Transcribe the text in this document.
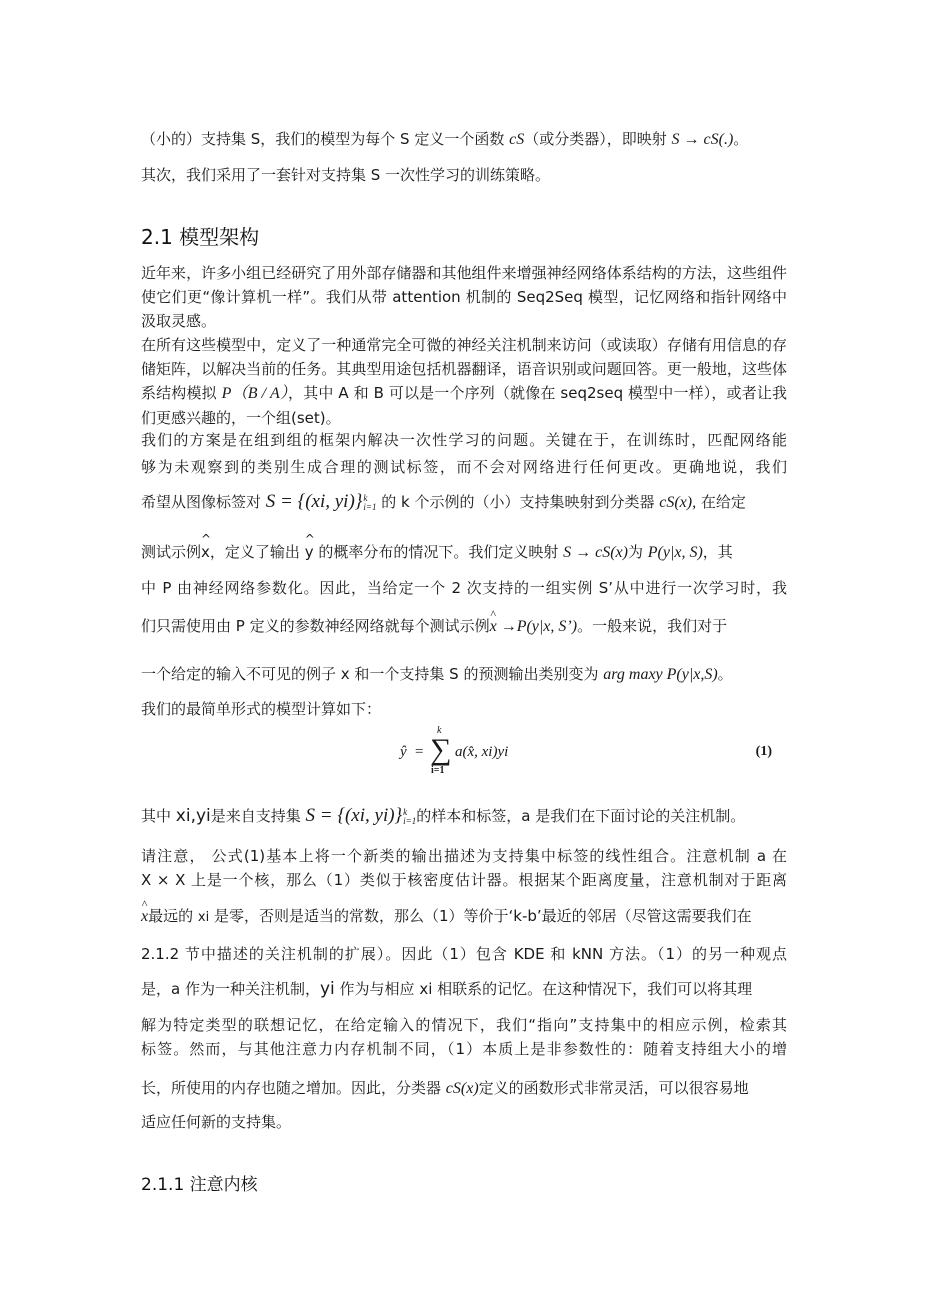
（小的）支持集 S，我们的模型为每个 S 定义一个函数 cS（或分类器），即映射 S → cS(.)。
其次，我们采用了一套针对支持集 S 一次性学习的训练策略。
2.1 模型架构
近年来，许多小组已经研究了用外部存储器和其他组件来增强神经网络体系结构的方法，这些组件使它们更“像计算机一样”。我们从带 attention 机制的 Seq2Seq 模型，记忆网络和指针网络中汲取灵感。
在所有这些模型中，定义了一种通常完全可微的神经关注机制来访问（或读取）存储有用信息的存储矩阵，以解决当前的任务。其典型用途包括机器翻译，语音识别或问题回答。更一般地，这些体系结构模拟 P（B / A），其中 A 和 B 可以是一个序列（就像在 seq2seq 模型中一样），或者让我们更感兴趣的，一个组(set)。
我们的方案是在组到组的框架内解决一次性学习的问题。关键在于，在训练时，匹配网络能
够为未观察到的类别生成合理的测试标签，而不会对网络进行任何更改。更确地说，我们
希望从图像标签对 S = {(xi, yi)}k
i=1 的 k 个示例的（小）支持集映射到分类器 cS(x), 在给定
测试示例^ x，定义了输出 ^ y 的概率分布的情况下。我们定义映射 S → cS(x)为 P(y|x, S)，其
中 P 由神经网络参数化。因此，当给定一个 2 次支持的一组实例 S’从中进行一次学习时，我
们只需使用由 P 定义的参数神经网络就每个测试示例^ x →P(y|x, S’)。一般来说，我们对于
一个给定的输入不可见的例子 x 和一个支持集 S 的预测输出类别变为 arg maxy P(y|x,S)。
我们的最简单形式的模型计算如下：
ŷ = ∑
k
i=1
a(x̂, xi)yi	(1)
其中 xi,yi是来自支持集 S = {(xi, yi)}k
i=1的样本和标签，a 是我们在下面讨论的关注机制。
请注意， 公式(1)基本上将一个新类的输出描述为支持集中标签的线性组合。注意机制 a 在
X × X 上是一个核，那么（1）类似于核密度估计器。根据某个距离度量，注意机制对于距离
^ x最远的 xi 是零，否则是适当的常数，那么（1）等价于‘k-b’最近的邻居（尽管这需要我们在
2.1.2 节中描述的关注机制的扩展）。因此（1）包含 KDE 和 kNN 方法。（1）的另一种观点
是，a 作为一种关注机制，yi 作为与相应 xi 相联系的记忆。在这种情况下，我们可以将其理
解为特定类型的联想记忆，在给定输入的情况下，我们“指向”支持集中的相应示例，检索其
标签。然而，与其他注意力内存机制不同，（1）本质上是非参数性的：随着支持组大小的增
长，所使用的内存也随之增加。因此，分类器 cS(x)定义的函数形式非常灵活，可以很容易地
适应任何新的支持集。
2.1.1 注意内核
